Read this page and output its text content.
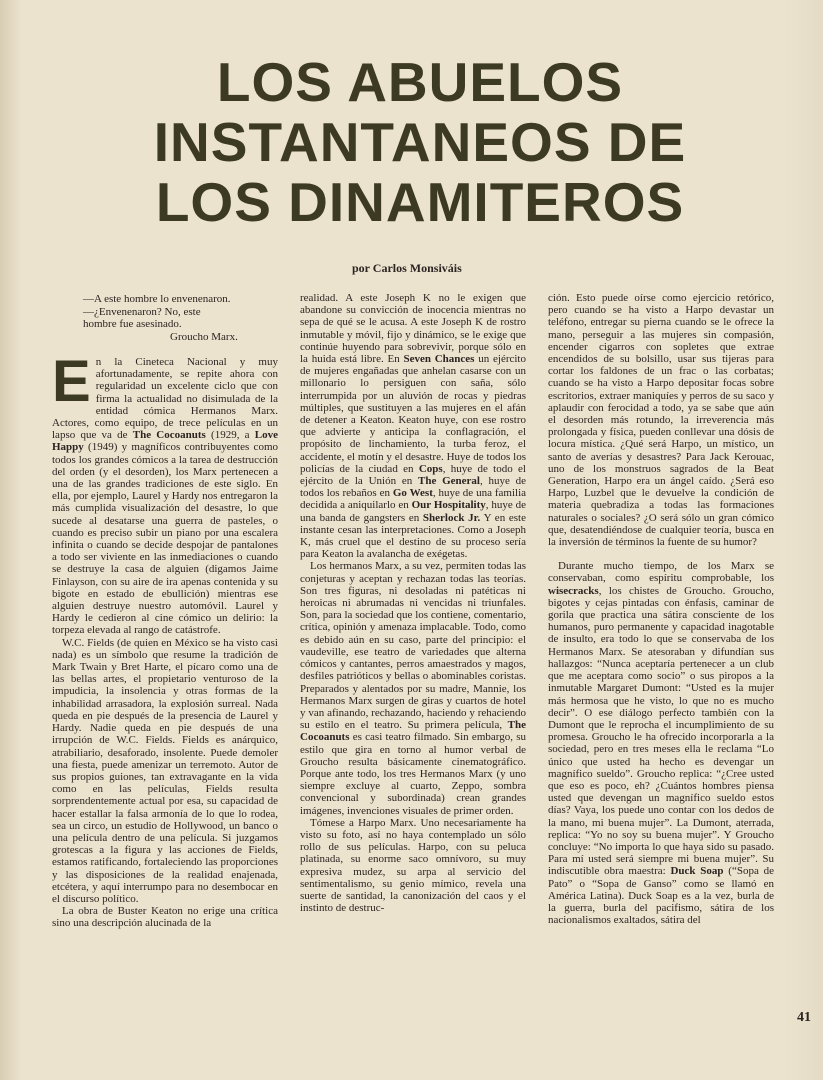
LOS ABUELOS
INSTANTANEOS DE
LOS DINAMITEROS
por Carlos Monsiváis
—A este hombre lo envenenaron.
—¿Envenenaron? No, este
hombre fue asesinado.
Groucho Marx.

En la Cineteca Nacional y muy afortunadamente, se repite ahora con regularidad un excelente ciclo que con firma la actualidad no disimulada de la entidad cómica Hermanos Marx. Actores, como equipo, de trece películas en un lapso que va de The Cocoanuts (1929, a Love Happy (1949) y magníficos contribuyentes como todos los grandes cómicos a la tarea de destrucción del orden (y el desorden), los Marx pertenecen a una de las grandes tradiciones de este siglo. En ella, por ejemplo, Laurel y Hardy nos entregaron la más cumplida visualización del desastre, lo que sucede al desatarse una guerra de pasteles, o cuando es preciso subir un piano por una escalera infinita o cuando se decide despojar de pantalones a todo ser viviente en las inmediaciones o cuando se destruye la casa de alguien (digamos Jaime Finlayson, con su aire de ira apenas contenida y su bigote en estado de ebullición) mientras ese alguien destruye nuestro automóvil. Laurel y Hardy le cedieron al cine cómico un delirio: la torpeza elevada al rango de catástrofe.

W.C. Fields (de quien en México se ha visto casi nada) es un símbolo que resume la tradición de Mark Twain y Bret Harte, el pícaro como una de las bellas artes, el propietario venturoso de la impudicia, la insolencia y otras formas de la inhabilidad arrasadora, la explosión surreal. Nada queda en pie después de la presencia de Laurel y Hardy. Nadie queda en pie después de una irrupción de W.C. Fields. Fields es anárquico, atrabiliario, desaforado, insolente. Puede demoler una fiesta, puede amenizar un terremoto. Autor de sus propios guiones, tan extravagante en la vida como en las películas, Fields resulta sorprendentemente actual por esa, su capacidad de hacer estallar la falsa armonía de lo que lo rodea, sea un circo, un estudio de Hollywood, un banco o una película dentro de una película. Si juzgamos grotescas a la figura y las acciones de Fields, estamos ratificando, fortaleciendo las proporciones y las disposiciones de la realidad enajenada, etcétera, y aquí interrumpo para no desembocar en el discurso político.

La obra de Buster Keaton no erige una crítica sino una descripción alucinada de la

realidad. A este Joseph K no le exigen que abandone su convicción de inocencia mientras no sepa de qué se le acusa. A este Joseph K de rostro inmutable y móvil, fijo y dinámico, se le exige que continúe huyendo para sobrevivir, porque sólo en la huida está libre. En Seven Chances un ejército de mujeres engañadas que anhelan casarse con un millonario lo persiguen con saña, sólo interrumpida por un aluvión de rocas y piedras múltiples, que sustituyen a las mujeres en el afán de detener a Keaton. Keaton huye, con ese rostro que advierte y anticipa la conflagración, el propósito de linchamiento, la turba feroz, el accidente, el motín y el desastre. Huye de todos los policías de la ciudad en Cops, huye de todo el ejército de la Unión en The General, huye de todos los rebaños en Go West, huye de una familia decidida a aniquilarlo en Our Hospitality, huye de una banda de gangsters en Sherlock Jr. Y en este instante cesan las interpretaciones. Como a Joseph K, más cruel que el destino de su proceso sería para Keaton la avalancha de exégetas.

Los hermanos Marx, a su vez, permiten todas las conjeturas y aceptan y rechazan todas las teorías. Son tres figuras, ni desoladas ni patéticas ni heroicas ni abrumadas ni vencidas ni triunfales. Son, para la sociedad que los contiene, comentario, crítica, opinión y amenaza implacable. Todo, como es debido aún en su caso, parte del principio: el vaudeville, ese teatro de variedades que alterna cómicos y cantantes, perros amaestrados y magos, desfiles patrióticos y bellas o abominables coristas. Preparados y alentados por su madre, Mannie, los Hermanos Marx surgen de giras y cuartos de hotel y van afinando, rechazando, haciendo y rehaciendo su estilo en el teatro. Su primera película, The Cocoanuts es casi teatro filmado. Sin embargo, su estilo que gira en torno al humor verbal de Groucho resulta básicamente cinematográfico. Porque ante todo, los tres Hermanos Marx (y uno siempre excluye al cuarto, Zeppo, sombra convencional y subordinada) crean grandes imágenes, invenciones visuales de primer orden.

Tómese a Harpo Marx. Uno necesariamente ha visto su foto, así no haya contemplado un sólo rollo de sus películas. Harpo, con su peluca platinada, su enorme saco omnívoro, su muy expresiva mudez, su arpa al servicio del sentimentalismo, su genio mímico, revela una suerte de santidad, la canonización del caos y el instinto de destruc-

ción. Esto puede oírse como ejercicio retórico, pero cuando se ha visto a Harpo devastar un teléfono, entregar su pierna cuando se le ofrece la mano, perseguir a las mujeres sin compasión, encender cigarros con sopletes que extrae encendidos de su bolsillo, usar sus tijeras para cortar los faldones de un frac o las corbatas; cuando se ha visto a Harpo depositar focas sobre escritorios, extraer maniquíes y perros de su saco y aplaudir con ferocidad a todo, ya se sabe que aún el desorden más rotundo, la irreverencia más prolongada y física, pueden conllevar una dósis de locura mística. ¿Qué será Harpo, un místico, un santo de averías y desastres? Para Jack Kerouac, uno de los monstruos sagrados de la Beat Generation, Harpo era un ángel caído. ¿Será eso Harpo, Luzbel que le devuelve la condición de materia quebradiza a todas las formaciones naturales o sociales? ¿O será sólo un gran cómico que, desatendiéndose de cualquier teoría, busca en la inversión de términos la fuente de su humor?

Durante mucho tiempo, de los Marx se conservaban, como espíritu comprobable, los wisecracks, los chistes de Groucho. Groucho, bigotes y cejas pintadas con énfasis, caminar de gorila que practica una sátira consciente de los humanos, puro permanente y capacidad inagotable de insulto, era todo lo que se conservaba de los Hermanos Marx. Se atesoraban y difundían sus hallazgos: “Nunca aceptaría pertenecer a un club que me aceptara como socio” o sus piropos a la inmutable Margaret Dumont: “Usted es la mujer más hermosa que he visto, lo que no es mucho decir”. O ese diálogo perfecto también con la Dumont que le reprocha el incumplimiento de su promesa. Groucho le ha ofrecido incorporarla a la sociedad, pero en tres meses ella le reclama “Lo único que usted ha hecho es devengar un magnífico sueldo”. Groucho replica: “¿Cree usted que eso es poco, eh? ¿Cuántos hombres piensa usted que devengan un magnífico sueldo estos días? Vaya, los puede uno contar con los dedos de la mano, mi buena mujer”. La Dumont, aterrada, replica: “Yo no soy su buena mujer”. Y Groucho concluye: “No importa lo que haya sido su pasado. Para mí usted será siempre mi buena mujer”. Su indiscutible obra maestra: Duck Soap (“Sopa de Pato” o “Sopa de Ganso” como se llamó en América Latina). Duck Soap es a la vez, burla de la guerra, burla del pacifismo, sátira de los nacionalismos exaltados, sátira del

41
